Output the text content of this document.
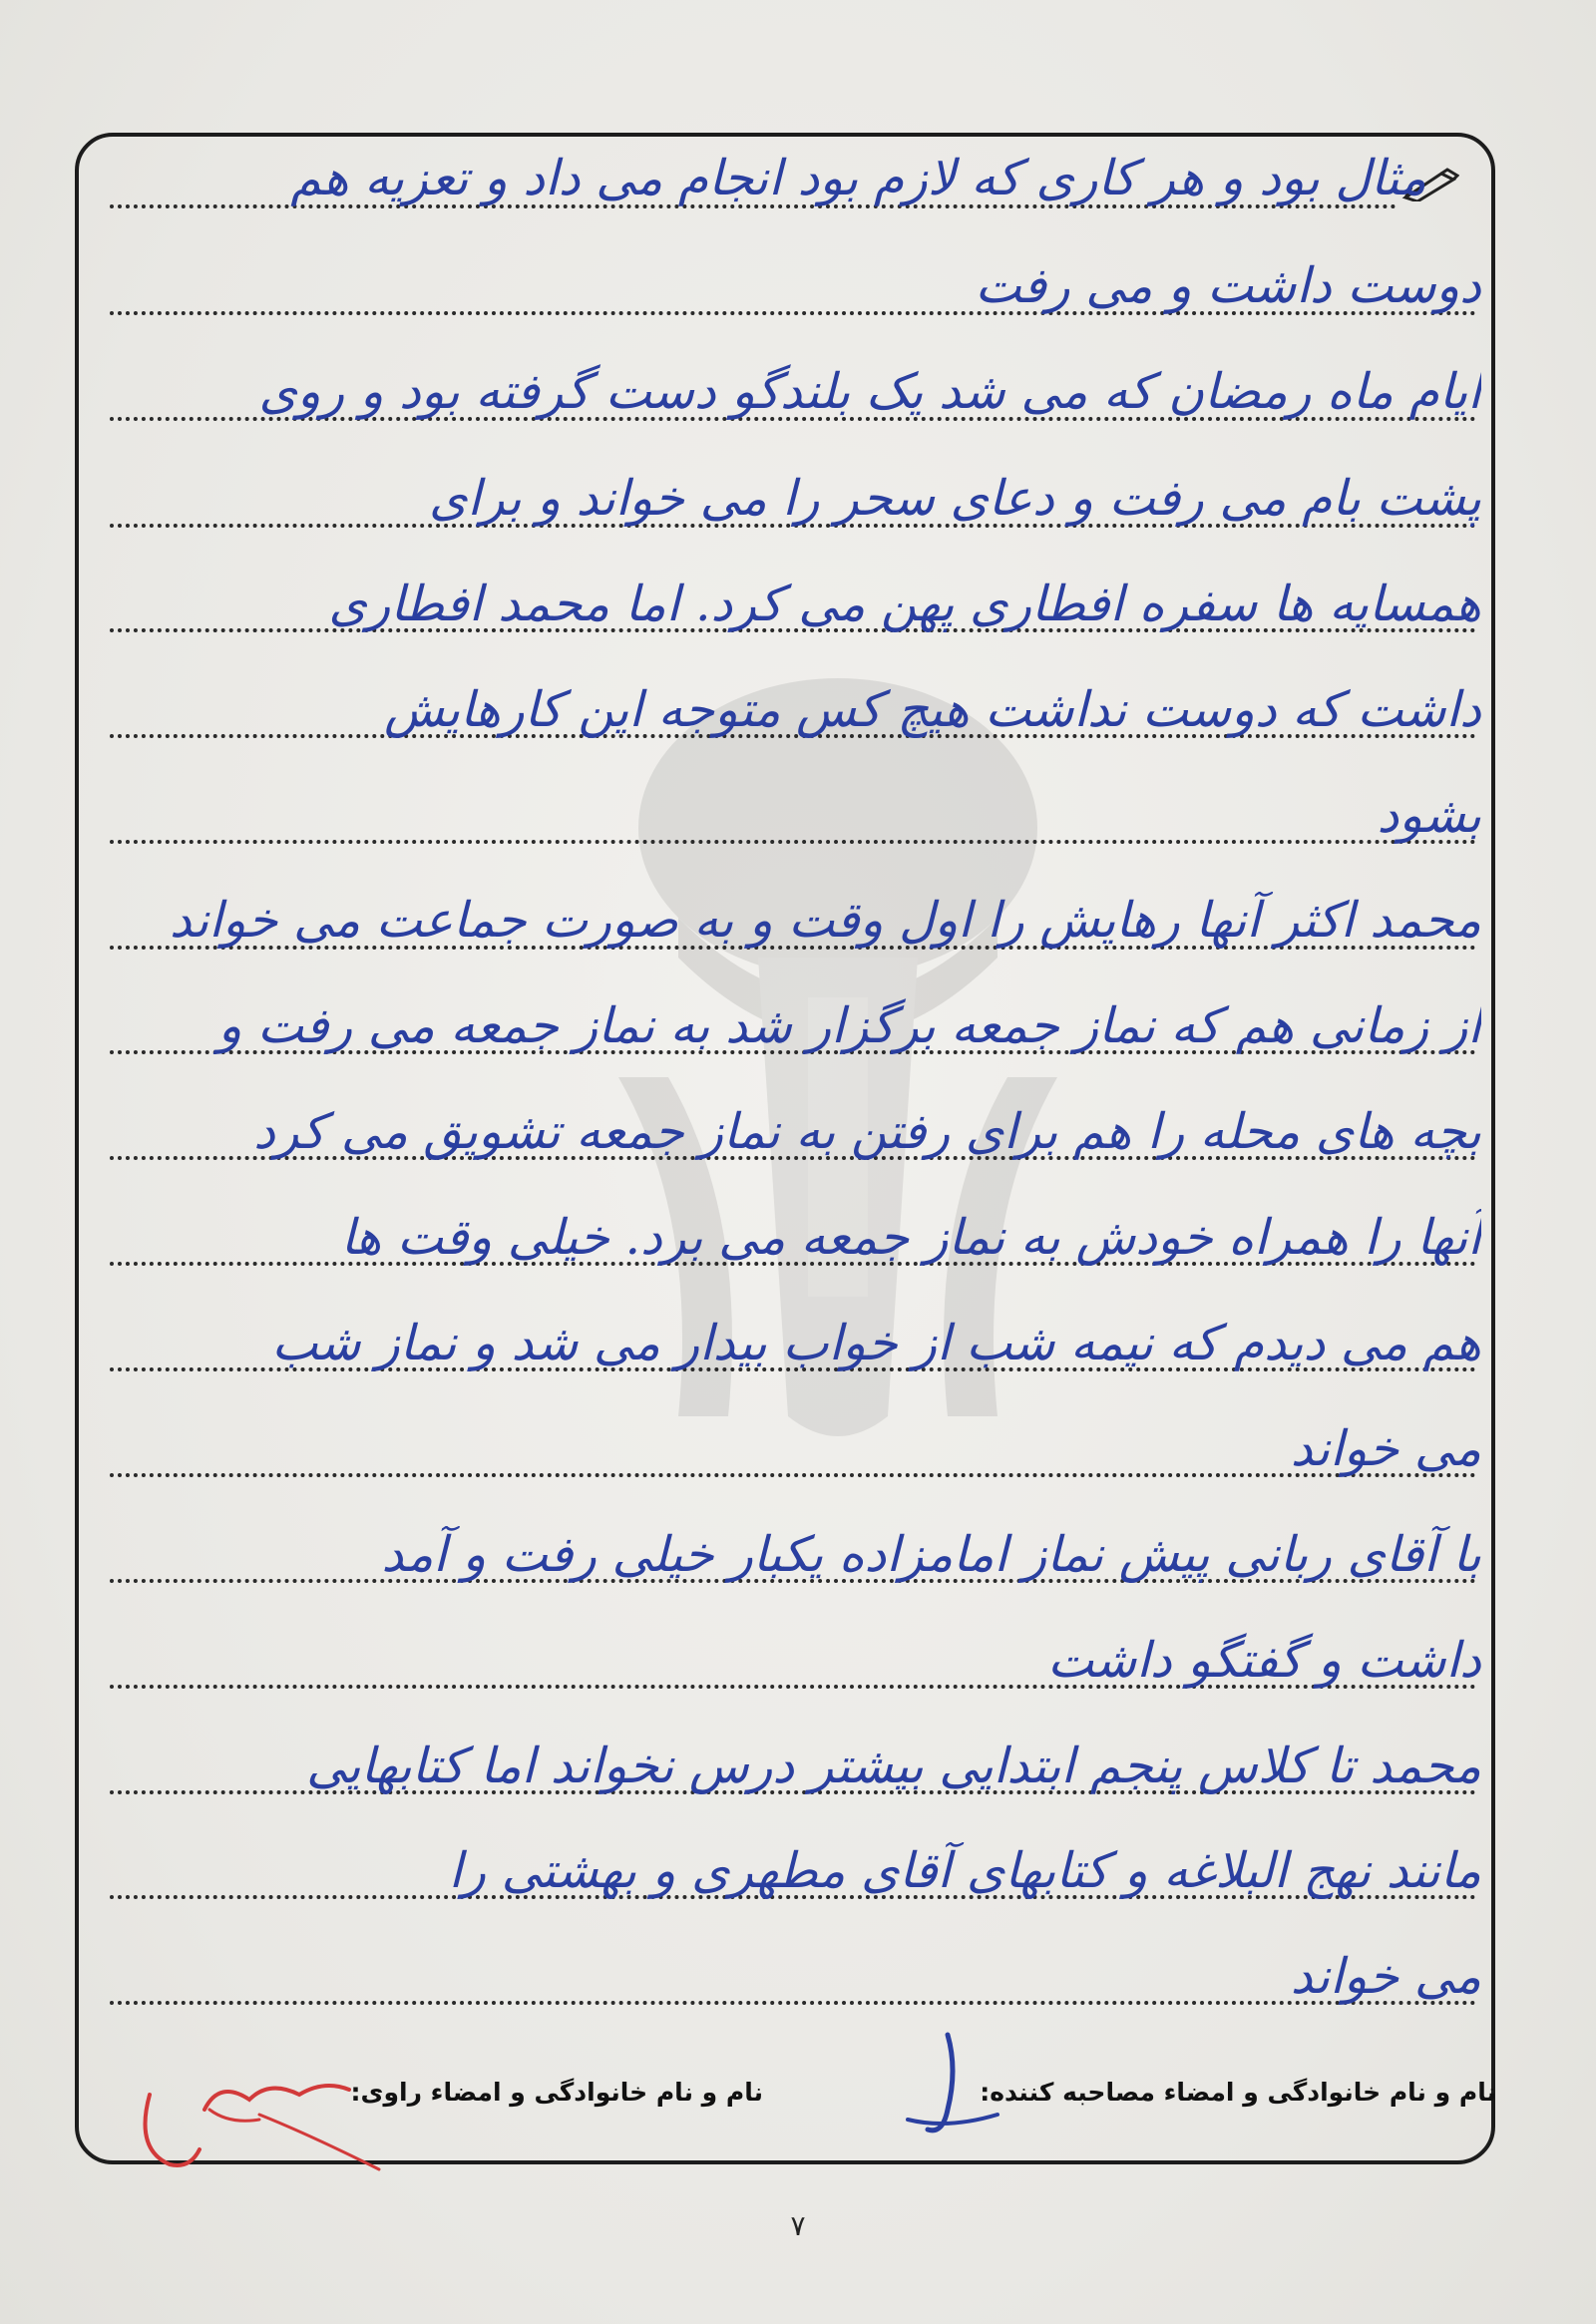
مثال بود و هر کاری که لازم بود انجام می داد و تعزیه هم
دوست داشت و می رفت
ایام ماه رمضان که می شد یک بلندگو دست گرفته بود و روی
پشت بام می رفت و دعای سحر را می خواند و برای
همسایه ها سفره افطاری پهن می کرد. اما محمد افطاری
داشت که دوست نداشت هیچ کس متوجه این کارهایش
بشود
محمد اکثر آنها رهایش را اول وقت و به صورت جماعت می خواند
از زمانی هم که نماز جمعه برگزار شد به نماز جمعه می رفت و
بچه های محله را هم برای رفتن به نماز جمعه تشویق می کرد
آنها را همراه خودش به نماز جمعه می برد. خیلی وقت ها
هم می دیدم که نیمه شب از خواب بیدار می شد و نماز شب
می خواند
با آقای ربانی پیش نماز امامزاده یکبار خیلی رفت و آمد
داشت و گفتگو داشت
محمد تا کلاس پنجم ابتدایی بیشتر درس نخواند اما کتابهایی
مانند نهج البلاغه و کتابهای آقای مطهری و بهشتی را
می خواند
نام و نام خانوادگی و امضاء مصاحبه کننده:
نام و نام خانوادگی و امضاء راوی:
۷
